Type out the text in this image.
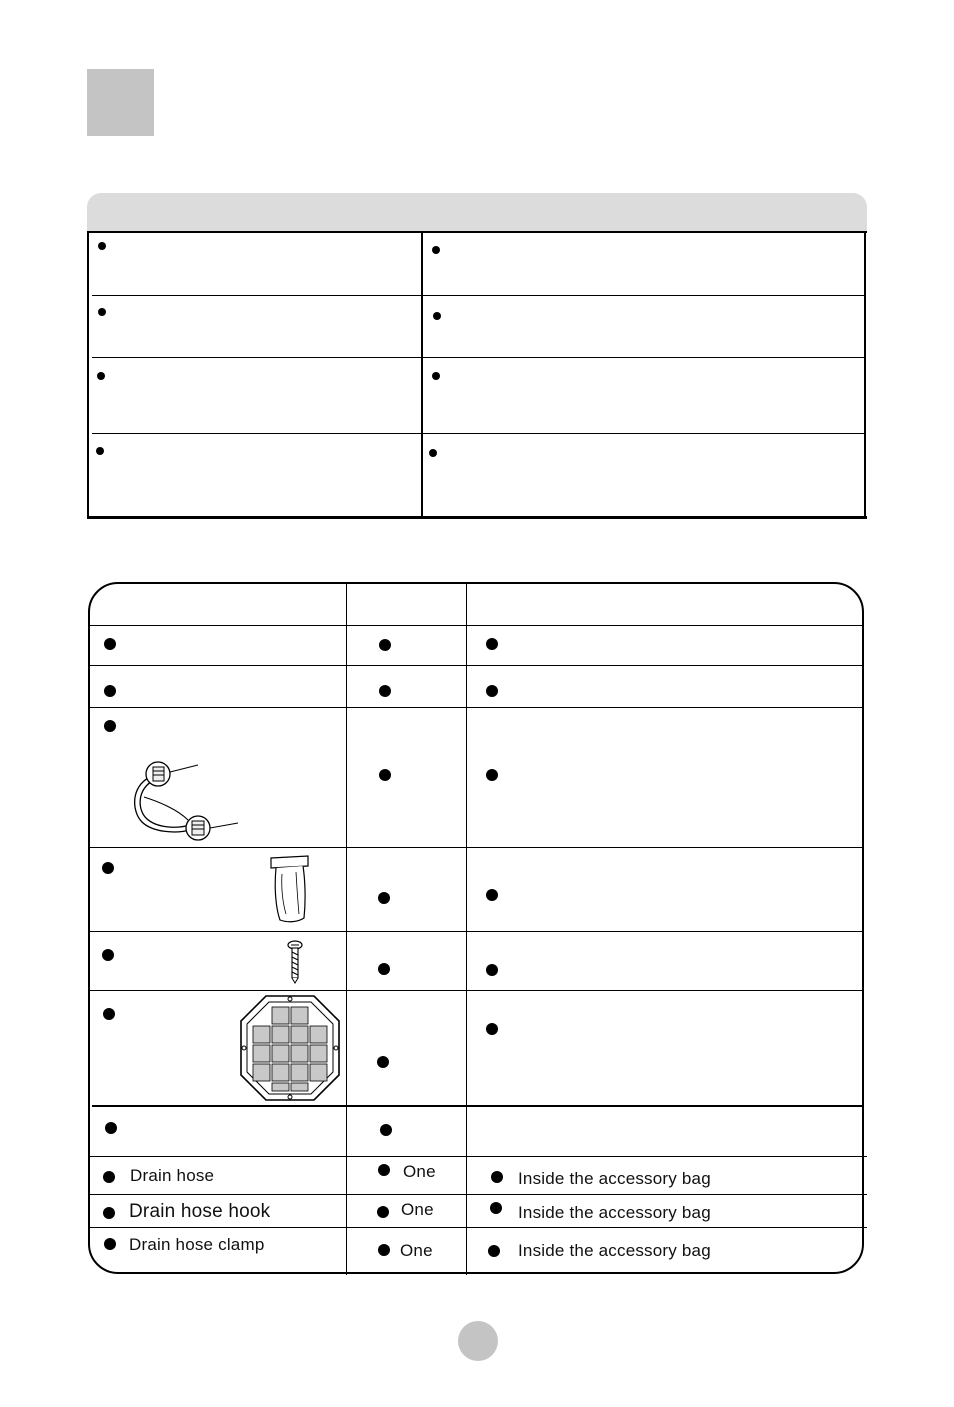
Drain hose	One	Inside the accessory bag
Drain hose hook	One	Inside the accessory bag
Drain hose clamp	One	Inside the accessory bag
